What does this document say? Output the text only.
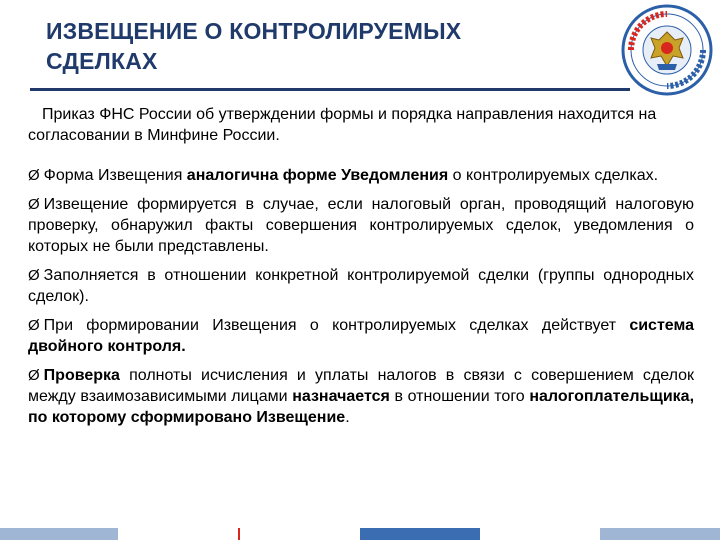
ИЗВЕЩЕНИЕ О КОНТРОЛИРУЕМЫХ
СДЕЛКАХ

Приказ ФНС России об утверждении формы и порядка направления находится на согласовании в Минфине России.

Ø Форма Извещения аналогична форме Уведомления о контролируемых сделках.
Ø Извещение формируется в случае, если налоговый орган, проводящий налоговую проверку, обнаружил факты совершения контролируемых сделок, уведомления о которых не были представлены.
Ø Заполняется в отношении конкретной контролируемой сделки (группы однородных сделок).
Ø При формировании Извещения о контролируемых сделках действует система двойного контроля.
Ø Проверка полноты исчисления и уплаты налогов в связи с совершением сделок между взаимозависимыми лицами назначается в отношении того налогоплательщика, по которому сформировано Извещение.
